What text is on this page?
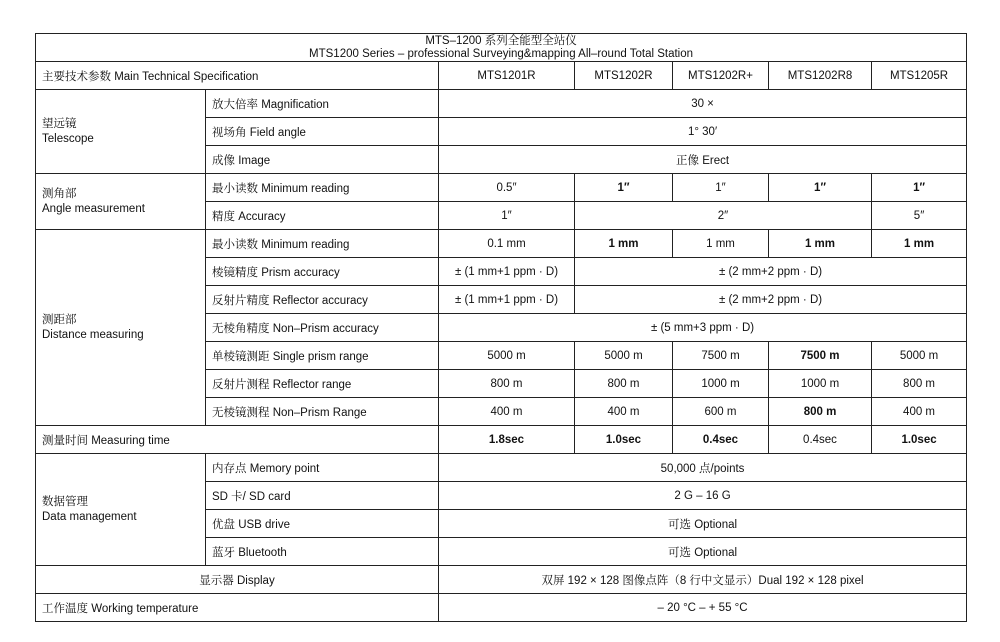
MTS–1200 系列全能型全站仪
MTS1200 Series – professional Surveying&mapping All–round Total Station						

主要技术参数 Main Technical Specification		MTS1201R	MTS1202R	MTS1202R+	MTS1202R8	MTS1205R

望远镜
Telescope	放大倍率 Magnification	30 ×				
	视场角 Field angle	1° 30′				
	成像 Image	正像 Erect				

测角部
Angle measurement	最小读数 Minimum reading	0.5″	1″	1″	1″	1″
	精度 Accuracy	1″	2″			5″

测距部
Distance measuring	最小读数 Minimum reading	0.1 mm	1 mm	1 mm	1 mm	1 mm
	棱镜精度 Prism accuracy	± (1 mm+1 ppm · D)	± (2 mm+2 ppm · D)			
	反射片精度 Reflector accuracy	± (1 mm+1 ppm · D)	± (2 mm+2 ppm · D)			
	无棱角精度 Non–Prism accuracy	± (5 mm+3 ppm · D)				
	单棱镜测距 Single prism range	5000 m	5000 m	7500 m	7500 m	5000 m
	反射片测程 Reflector range	800 m	800 m	1000 m	1000 m	800 m
	无棱镜测程 Non–Prism Range	400 m	400 m	600 m	800 m	400 m
测量时间 Measuring time		1.8sec	1.0sec	0.4sec	0.4sec	1.0sec

数据管理
Data management	内存点 Memory point	50,000 点/points				
	SD 卡/ SD card	2 G – 16 G				
	优盘 USB drive	可选 Optional				
	蓝牙 Bluetooth	可选 Optional				
显示器 Display		双屏 192 × 128 图像点阵（8 行中文显示）Dual 192 × 128 pixel				
工作温度 Working temperature		– 20 °C – + 55 °C				
